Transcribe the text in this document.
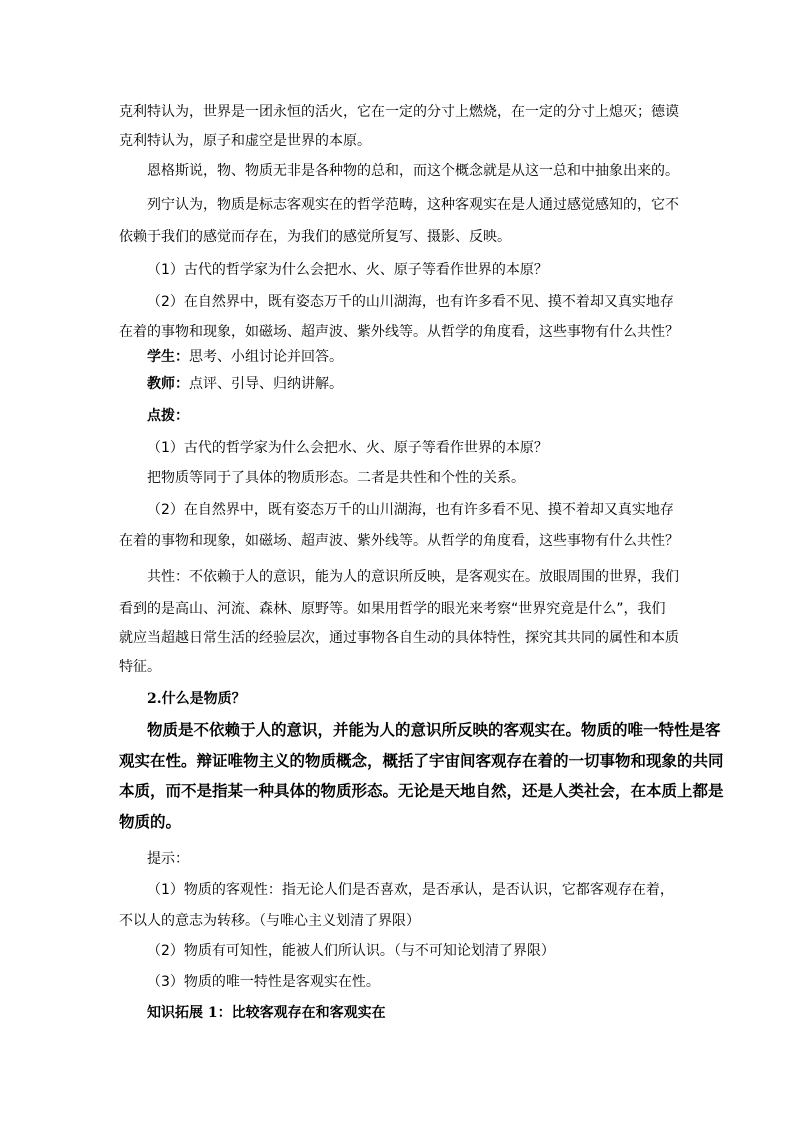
克利特认为，世界是一团永恒的活火，它在一定的分寸上燃烧，在一定的分寸上熄灭；德谟
克利特认为，原子和虚空是世界的本原。
恩格斯说，物、物质无非是各种物的总和，而这个概念就是从这一总和中抽象出来的。
列宁认为，物质是标志客观实在的哲学范畴，这种客观实在是人通过感觉感知的，它不
依赖于我们的感觉而存在，为我们的感觉所复写、摄影、反映。
（1）古代的哲学家为什么会把水、火、原子等看作世界的本原？
（2）在自然界中，既有姿态万千的山川湖海，也有许多看不见、摸不着却又真实地存
在着的事物和现象，如磁场、超声波、紫外线等。从哲学的角度看，这些事物有什么共性？
学生：思考、小组讨论并回答。
教师：点评、引导、归纳讲解。
点拨：
（1）古代的哲学家为什么会把水、火、原子等看作世界的本原？
把物质等同于了具体的物质形态。二者是共性和个性的关系。
（2）在自然界中，既有姿态万千的山川湖海，也有许多看不见、摸不着却又真实地存
在着的事物和现象，如磁场、超声波、紫外线等。从哲学的角度看，这些事物有什么共性？
共性：不依赖于人的意识，能为人的意识所反映，是客观实在。放眼周围的世界，我们
看到的是高山、河流、森林、原野等。如果用哲学的眼光来考察“世界究竟是什么”，我们
就应当超越日常生活的经验层次，通过事物各自生动的具体特性，探究其共同的属性和本质
特征。
2.什么是物质？
物质是不依赖于人的意识，并能为人的意识所反映的客观实在。物质的唯一特性是客
观实在性。辩证唯物主义的物质概念，概括了宇宙间客观存在着的一切事物和现象的共同
本质，而不是指某一种具体的物质形态。无论是天地自然，还是人类社会，在本质上都是
物质的。
提示：
（1）物质的客观性：指无论人们是否喜欢，是否承认，是否认识，它都客观存在着，
不以人的意志为转移。（与唯心主义划清了界限）
（2）物质有可知性，能被人们所认识。（与不可知论划清了界限）
（3）物质的唯一特性是客观实在性。
知识拓展 1：比较客观存在和客观实在
